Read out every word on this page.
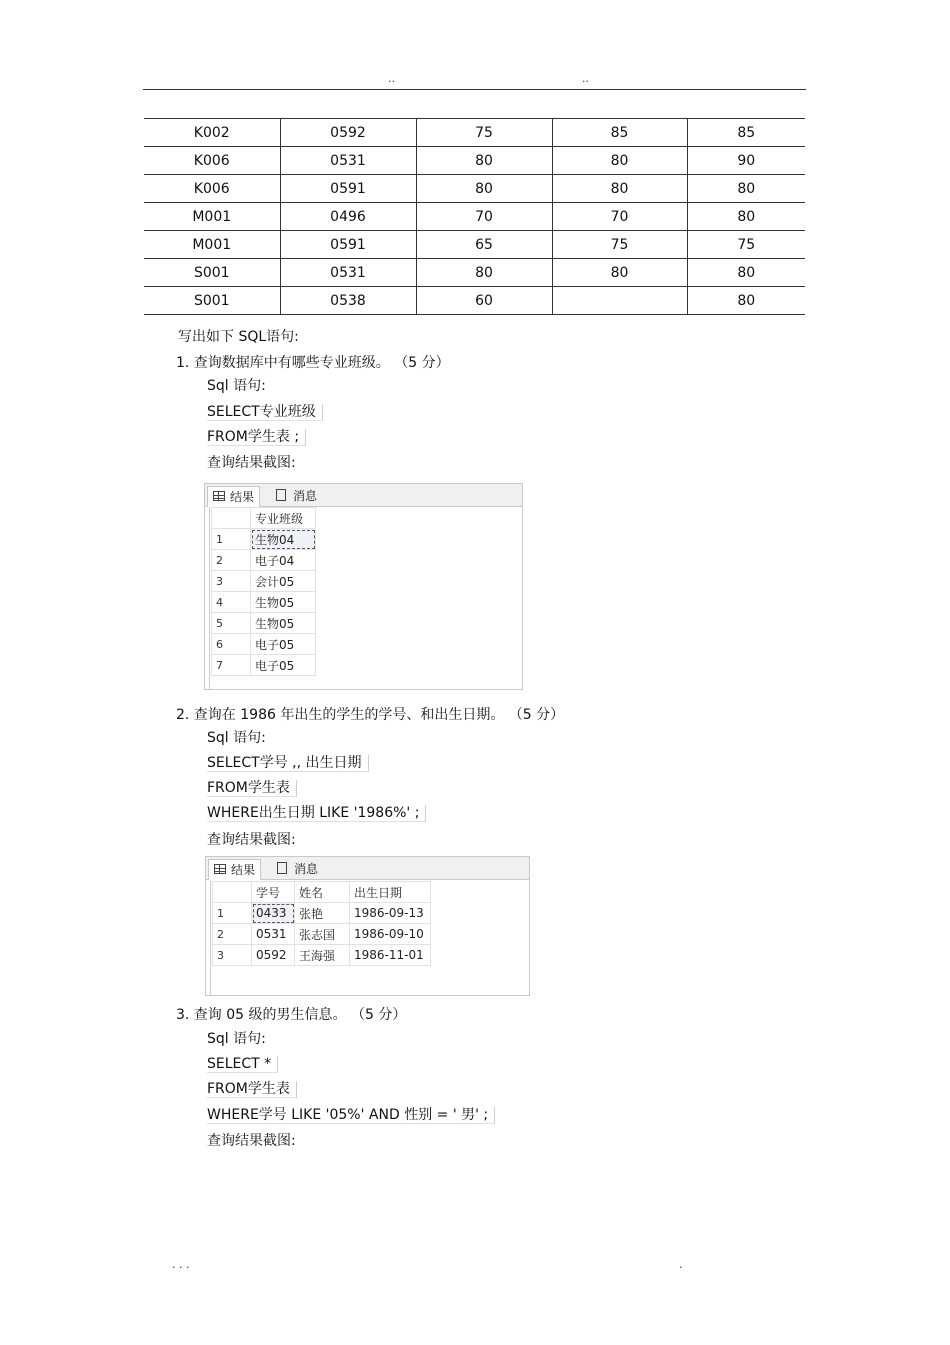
..	..
K002	0592	75	85	85
K006	0531	80	80	90
K006	0591	80	80	80
M001	0496	70	70	80
M001	0591	65	75	75
S001	0531	80	80	80
S001	0538	60		80
写出如下 SQL语句:
1. 查询数据库中有哪些专业班级。 （5 分）
Sql 语句:
SELECT专业班级
FROM学生表 ;
查询结果截图:
结果	消息
	专业班级
1	生物04
2	电子04
3	会计05
4	生物05
5	生物05
6	电子05
7	电子05
2. 查询在 1986 年出生的学生的学号、和出生日期。 （5 分）
Sql 语句:
SELECT学号 ,, 出生日期
FROM学生表
WHERE出生日期 LIKE '1986%' ;
查询结果截图:
结果	消息
	学号	姓名	出生日期
1	0433	张艳	1986-09-13
2	0531	张志国	1986-09-10
3	0592	王海强	1986-11-01
3. 查询 05 级的男生信息。 （5 分）
Sql 语句:
SELECT *
FROM学生表
WHERE学号 LIKE '05%' AND 性别 = ' 男' ;
查询结果截图:
. . .	.
